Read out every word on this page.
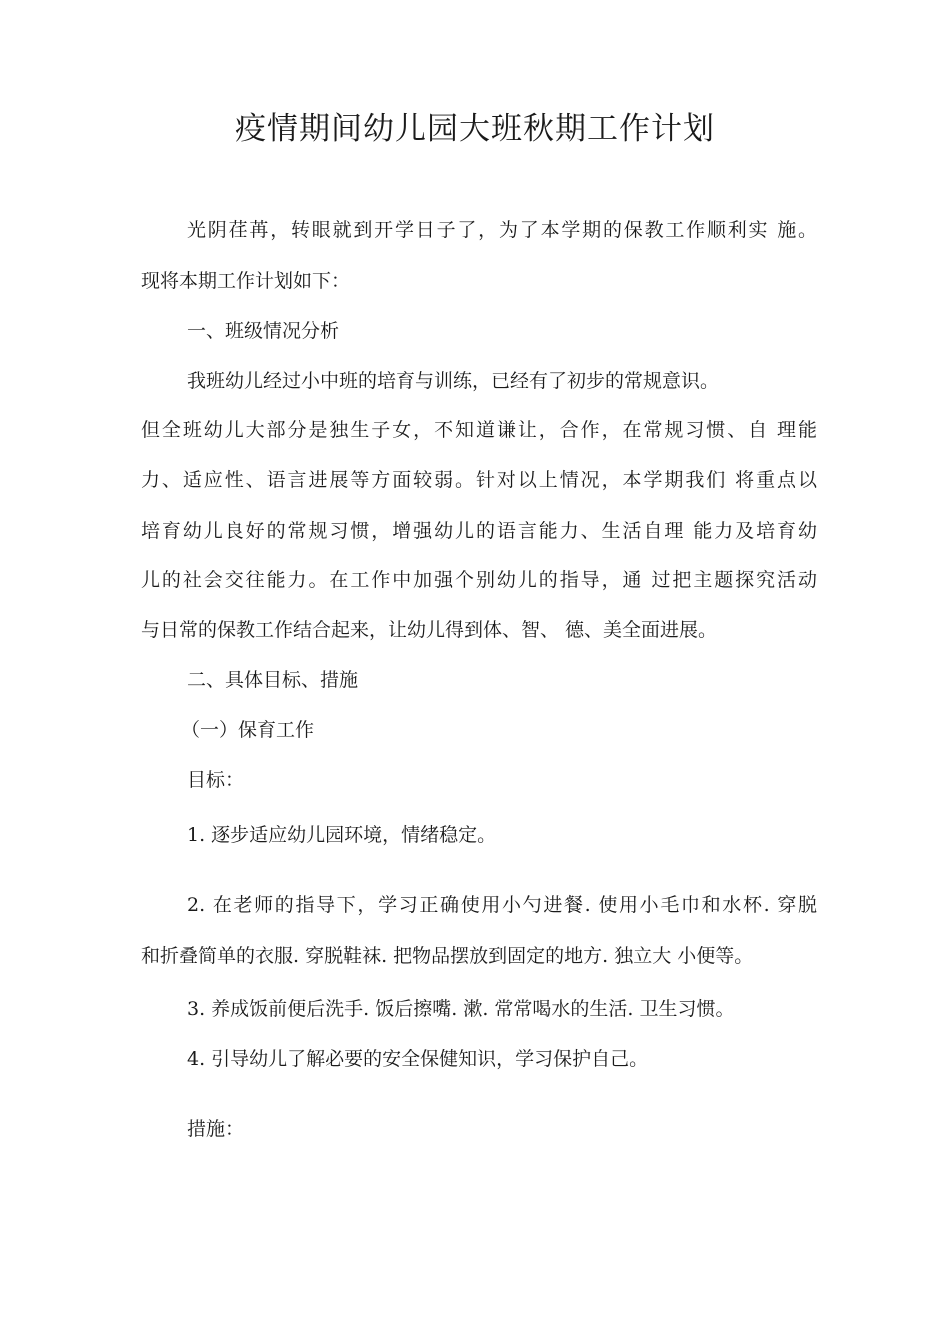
疫情期间幼儿园大班秋期工作计划

光阴荏苒，转眼就到开学日子了，为了本学期的保教工作顺利实 施。

现将本期工作计划如下：

一、班级情况分析

我班幼儿经过小中班的培育与训练，已经有了初步的常规意识。

但全班幼儿大部分是独生子女，不知道谦让，合作，在常规习惯、自 理能

力、适应性、语言进展等方面较弱。针对以上情况，本学期我们 将重点以

培育幼儿良好的常规习惯，增强幼儿的语言能力、生活自理 能力及培育幼

儿的社会交往能力。在工作中加强个别幼儿的指导，通 过把主题探究活动

与日常的保教工作结合起来，让幼儿得到体、智、 德、美全面进展。

二、具体目标、措施

（一）保育工作

目标：

1. 逐步适应幼儿园环境，情绪稳定。

2. 在老师的指导下，学习正确使用小勺进餐. 使用小毛巾和水杯. 穿脱

和折叠简单的衣服. 穿脱鞋袜. 把物品摆放到固定的地方. 独立大 小便等。

3. 养成饭前便后洗手. 饭后擦嘴. 漱. 常常喝水的生活. 卫生习惯。

4. 引导幼儿了解必要的安全保健知识，学习保护自己。

措施：
